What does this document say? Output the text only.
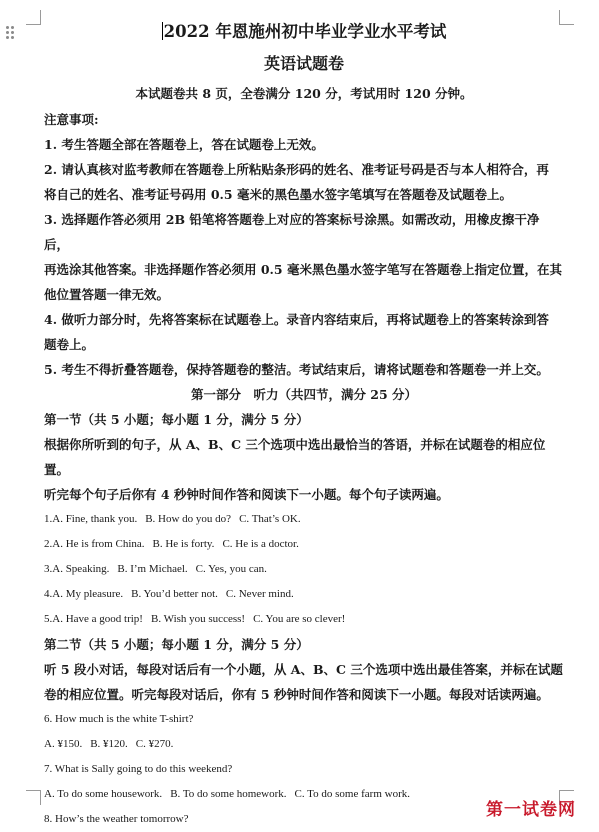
2022 年恩施州初中毕业学业水平考试
英语试题卷
本试题卷共 8 页，全卷满分 120 分，考试用时 120 分钟。
注意事项:
1. 考生答题全部在答题卷上，答在试题卷上无效。
2. 请认真核对监考教师在答题卷上所粘贴条形码的姓名、准考证号码是否与本人相符合，再
将自己的姓名、准考证号码用 0.5 毫米的黑色墨水签字笔填写在答题卷及试题卷上。
3. 选择题作答必须用 2B 铅笔将答题卷上对应的答案标号涂黑。如需改动，用橡皮擦干净后，
再选涂其他答案。非选择题作答必须用 0.5 毫米黑色墨水签字笔写在答题卷上指定位置，在其
他位置答题一律无效。
4. 做听力部分时，先将答案标在试题卷上。录音内容结束后，再将试题卷上的答案转涂到答
题卷上。
5. 考生不得折叠答题卷，保持答题卷的整洁。考试结束后，请将试题卷和答题卷一并上交。
第一部分　听力（共四节，满分 25 分）
第一节（共 5 小题；每小题 1 分，满分 5 分）
根据你所听到的句子，从 A、B、C 三个选项中选出最恰当的答语，并标在试题卷的相应位置。
听完每个句子后你有 4 秒钟时间作答和阅读下一小题。每个句子读两遍。
1.A. Fine, thank you. B. How do you do? C. That’s OK.
2.A. He is from China. B. He is forty. C. He is a doctor.
3.A. Speaking. B. I’m Michael. C. Yes, you can.
4.A. My pleasure. B. You’d better not. C. Never mind.
5.A. Have a good trip! B. Wish you success! C. You are so clever!
第二节（共 5 小题；每小题 1 分，满分 5 分）
听 5 段小对话，每段对话后有一个小题，从 A、B、C 三个选项中选出最佳答案，并标在试题
卷的相应位置。听完每段对话后，你有 5 秒钟时间作答和阅读下一小题。每段对话读两遍。
6. How much is the white T-shirt?
A. ¥150. B. ¥120. C. ¥270.
7. What is Sally going to do this weekend?
A. To do some housework. B. To do some homework. C. To do some farm work.
8. How’s the weather tomorrow?	第一试卷网
